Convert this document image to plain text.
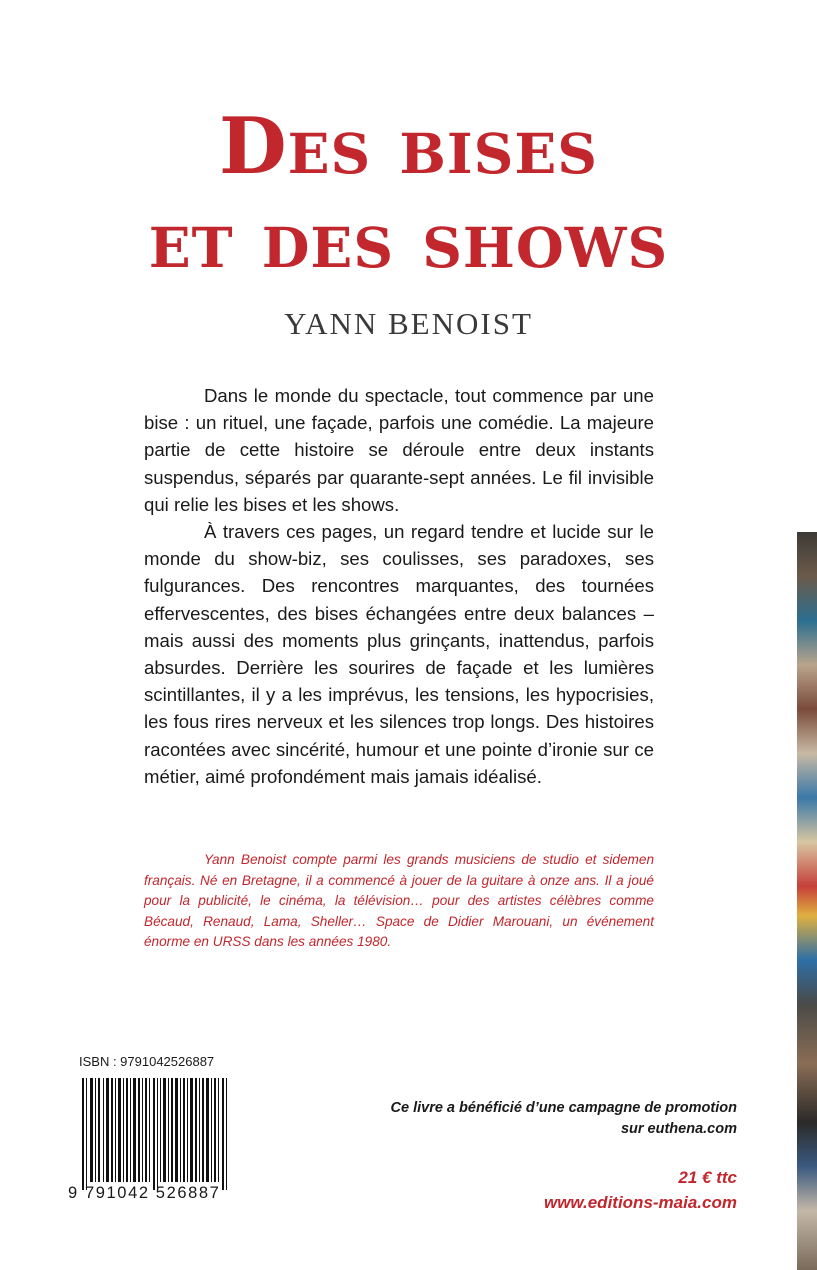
Des bises
et des shows
YANN BENOIST

Dans le monde du spectacle, tout commence par une bise : un rituel, une façade, parfois une comédie. La majeure partie de cette histoire se déroule entre deux instants suspendus, séparés par quarante-sept années. Le fil invisible qui relie les bises et les shows.

À travers ces pages, un regard tendre et lucide sur le monde du show-biz, ses coulisses, ses paradoxes, ses fulgurances. Des rencontres marquantes, des tournées effervescentes, des bises échangées entre deux balances – mais aussi des moments plus grinçants, inattendus, parfois absurdes. Derrière les sourires de façade et les lumières scintillantes, il y a les imprévus, les tensions, les hypocrisies, les fous rires nerveux et les silences trop longs. Des histoires racontées avec sincérité, humour et une pointe d’ironie sur ce métier, aimé profondément mais jamais idéalisé.

Yann Benoist compte parmi les grands musiciens de studio et sidemen français. Né en Bretagne, il a commencé à jouer de la guitare à onze ans. Il a joué pour la publicité, le cinéma, la télévision… pour des artistes célèbres comme Bécaud, Renaud, Lama, Sheller… Space de Didier Marouani, un événement énorme en URSS dans les années 1980.
ISBN : 9791042526887
9 791042 526887
Ce livre a bénéficié d’une campagne de promotion
sur euthena.com
21 € ttc
www.editions-maia.com
